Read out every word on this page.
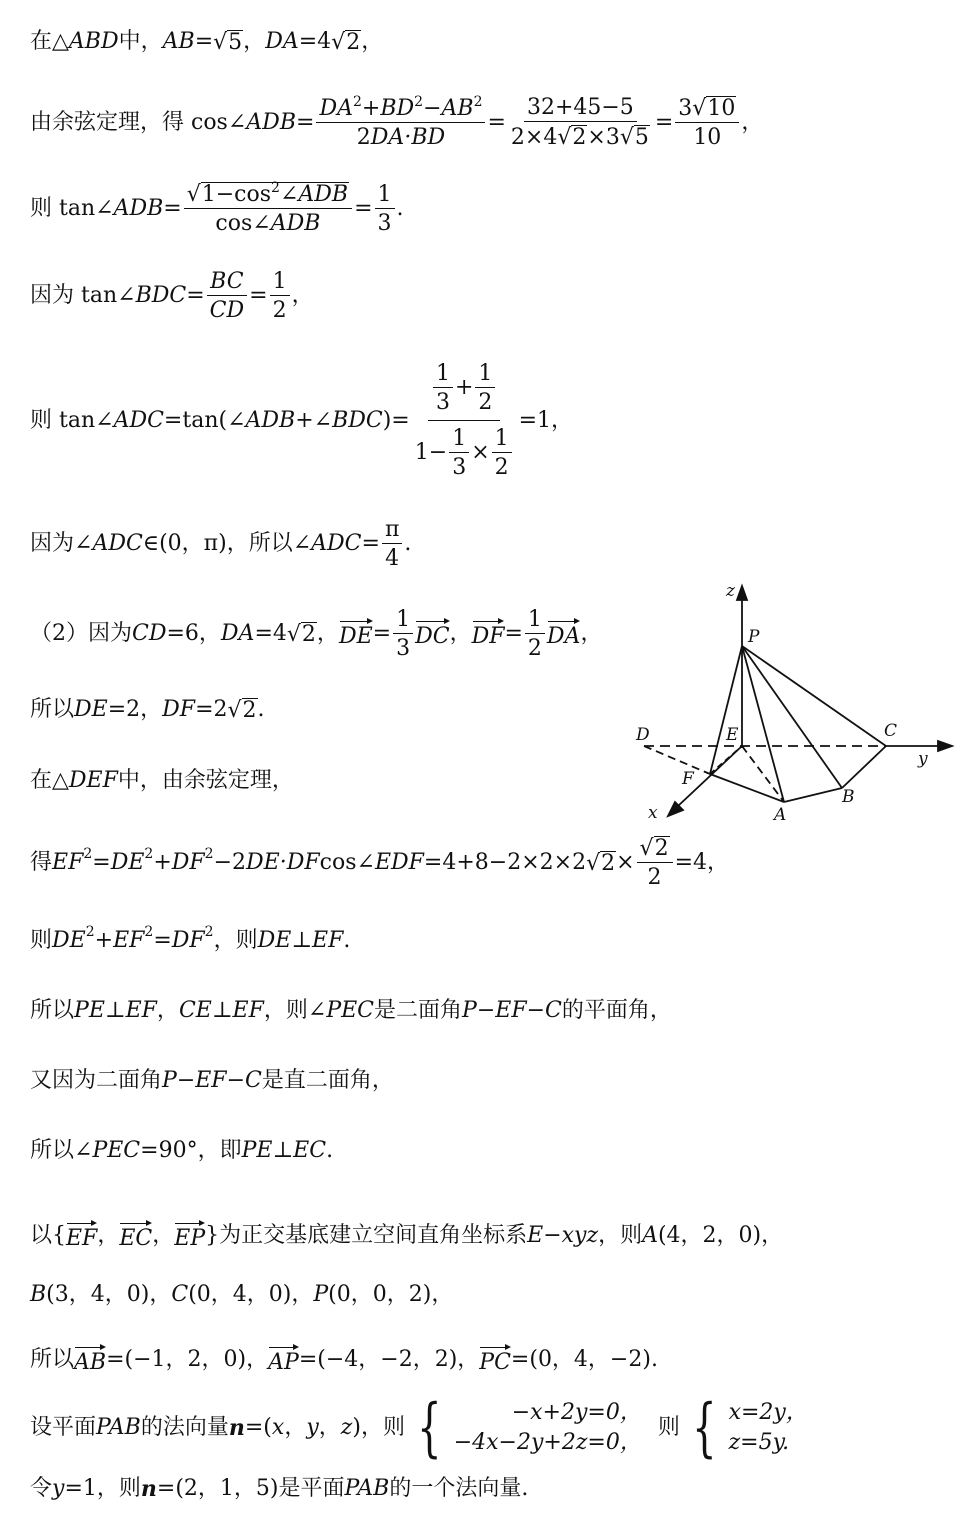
在△ ABD 中， AB = √ 5 ， DA =4 √ 2 ，
由余弦定理，得 cos∠ ADB = $\frac{DA^2+BD^2-AB^2}{2DA\cdot BD} = \frac{32+45-5}{2\times 4 √ 2 \times 3 √ 5} = \frac{3 √ 10}{10}$ ，
则 tan∠ ADB = $\frac{√ 1-\cos^2\angle ADB}{\text{cos∠ADB}} = \frac{1}{3}$ .
因为 tan∠ BDC = $\frac{BC}{CD} = \frac{1}{2}$ ，
则 tan∠ ADC =tan(∠ ADB +∠ BDC )= $\frac{\frac{1}{3} + \frac{1}{2}}{1- \frac{1}{3} \times \frac{1}{2}} =1$，
因为∠ ADC ∈(0，π)，所以∠ ADC = $\frac{\pi}{4}$ .
（2）因为 CD =6， DA =4 √ 2 ， DE = $\frac{1}{3}$ DC ， DF = $\frac{1}{2}$ DA ，
所以 DE =2， DF =2 √ 2 .
在△ DEF 中，由余弦定理，
得 EF 2 = DE 2 + DF 2 −2 DE·DF cos∠ EDF =4+8−2×2×2 √ $2 \times \frac{√ 2}{2} =4$，
则 DE 2 + EF 2 = DF 2 ，则 DE ⊥ EF .
所以 PE ⊥ EF ， CE ⊥ EF ，则∠ PEC 是二面角 P−EF−C 的平面角，
又因为二面角 P−EF−C 是直二面角，
所以∠ PEC =90°，即 PE ⊥ EC .
以{ EF ， EC ， EP }为正交基底建立空间直角坐标系 E−xyz ，则 A (4，2，0)，
B (3，4，0)， C (0，4，0)， P (0，0，2)，
所以 AB =(−1，2，0)， AP =(−4，−2，2)， PC =(0，4，−2).
设平面 PAB 的法向量 n =( x ， y ， z )，则 {	−x+2y=0，
−4x−2y+2z=0，
则 { x=2y，
z=5y.
令 y =1，则 n =(2，1，5)是平面 PAB 的一个法向量.
z
P
D	E	C
y
F
B
A
x
